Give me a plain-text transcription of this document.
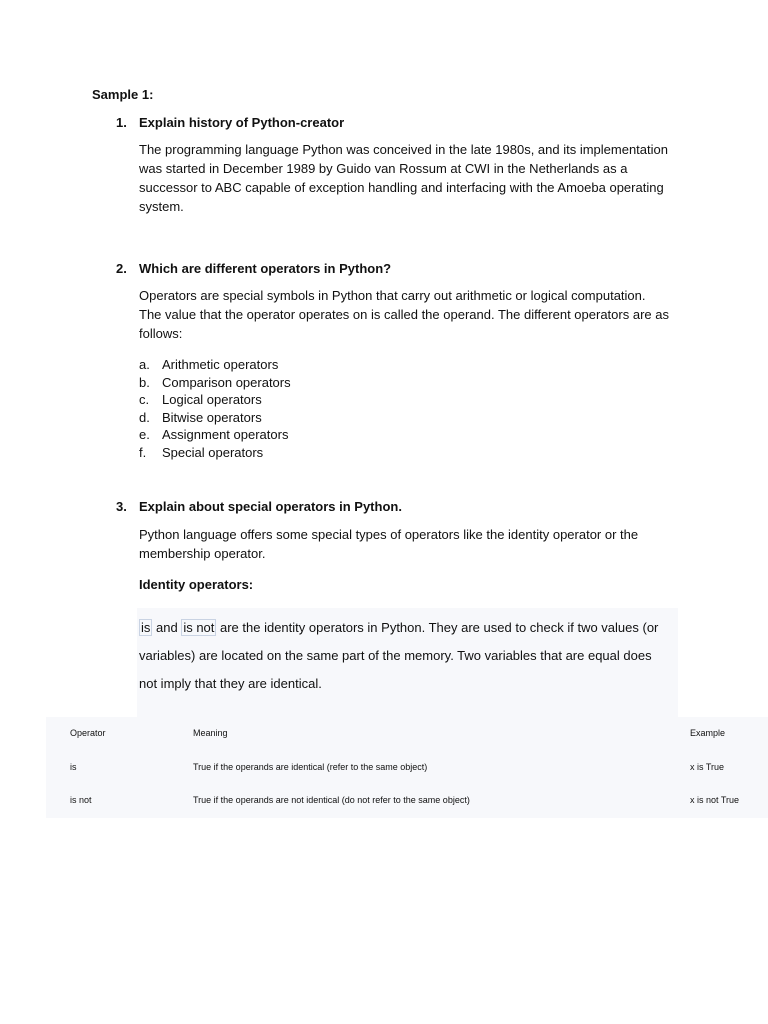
Sample 1:
1. Explain history of Python-creator
The programming language Python was conceived in the late 1980s, and its implementation
was started in December 1989 by Guido van Rossum at CWI in the Netherlands as a
successor to ABC capable of exception handling and interfacing with the Amoeba operating
system.
2. Which are different operators in Python?
Operators are special symbols in Python that carry out arithmetic or logical computation.
The value that the operator operates on is called the operand. The different operators are as
follows:
a. Arithmetic operators
b. Comparison operators
c. Logical operators
d. Bitwise operators
e. Assignment operators
f. Special operators
3. Explain about special operators in Python.
Python language offers some special types of operators like the identity operator or the
membership operator.
Identity operators:
is and is not are the identity operators in Python. They are used to check if two values (or
variables) are located on the same part of the memory. Two variables that are equal does
not imply that they are identical.
Operator	Meaning	Example
is	True if the operands are identical (refer to the same object)	x is True
is not	True if the operands are not identical (do not refer to the same object)	x is not True
